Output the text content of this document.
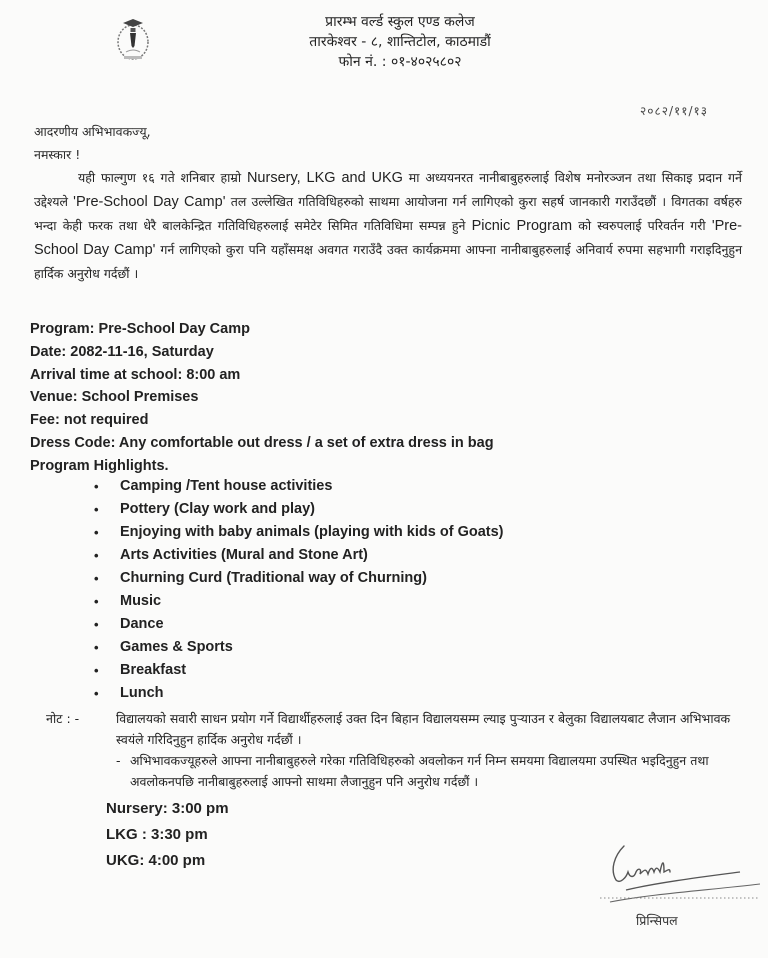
प्रारम्भ वर्ल्ड स्कुल एण्ड कलेज
तारकेश्वर - ८, शान्तिटोल, काठमाडौं
फोन नं. : ०१-४०२५८०२
२०८२/११/१३
आदरणीय अभिभावकज्यू,
नमस्कार !
यही फाल्गुण १६ गते शनिबार हाम्रो Nursery, LKG and UKG मा अध्ययनरत नानीबाबुहरुलाई विशेष मनोरञ्जन तथा सिकाइ प्रदान गर्ने उद्देश्यले 'Pre-School Day Camp' तल उल्लेखित गतिविधिहरुको साथमा आयोजना गर्न लागिएको कुरा सहर्ष जानकारी गराउँदछौं । विगतका वर्षहरु भन्दा केही फरक तथा धेरै बालकेन्द्रित गतिविधिहरुलाई समेटेर सिमित गतिविधिमा सम्पन्न हुने Picnic Program को स्वरुपलाई परिवर्तन गरी 'Pre-School Day Camp' गर्न लागिएको कुरा पनि यहाँसमक्ष अवगत गराउँदै उक्त कार्यक्रममा आफ्ना नानीबाबुहरुलाई अनिवार्य रुपमा सहभागी गराइदिनुहुन हार्दिक अनुरोध गर्दछौं ।
Program: Pre-School Day Camp
Date: 2082-11-16, Saturday
Arrival time at school: 8:00 am
Venue: School Premises
Fee: not required
Dress Code: Any comfortable out dress / a set of extra dress in bag
Program Highlights.
• Camping /Tent house activities
• Pottery (Clay work and play)
• Enjoying with baby animals (playing with kids of Goats)
• Arts Activities (Mural and Stone Art)
• Churning Curd (Traditional way of Churning)
• Music
• Dance
• Games & Sports
• Breakfast
• Lunch
नोट : -	विद्यालयको सवारी साधन प्रयोग गर्ने विद्यार्थीहरुलाई उक्त दिन बिहान विद्यालयसम्म ल्याइ पुर्‍याउन र बेलुका विद्यालयबाट लैजान अभिभावक स्वयंले गरिदिनुहुन हार्दिक अनुरोध गर्दछौं ।
- अभिभावकज्यूहरुले आफ्ना नानीबाबुहरुले गरेका गतिविधिहरुको अवलोकन गर्न निम्न समयमा विद्यालयमा उपस्थित भइदिनुहुन तथा अवलोकनपछि नानीबाबुहरुलाई आफ्नो साथमा लैजानुहुन पनि अनुरोध गर्दछौं ।
Nursery: 3:00 pm
LKG : 3:30 pm
UKG: 4:00 pm
प्रिन्सिपल
